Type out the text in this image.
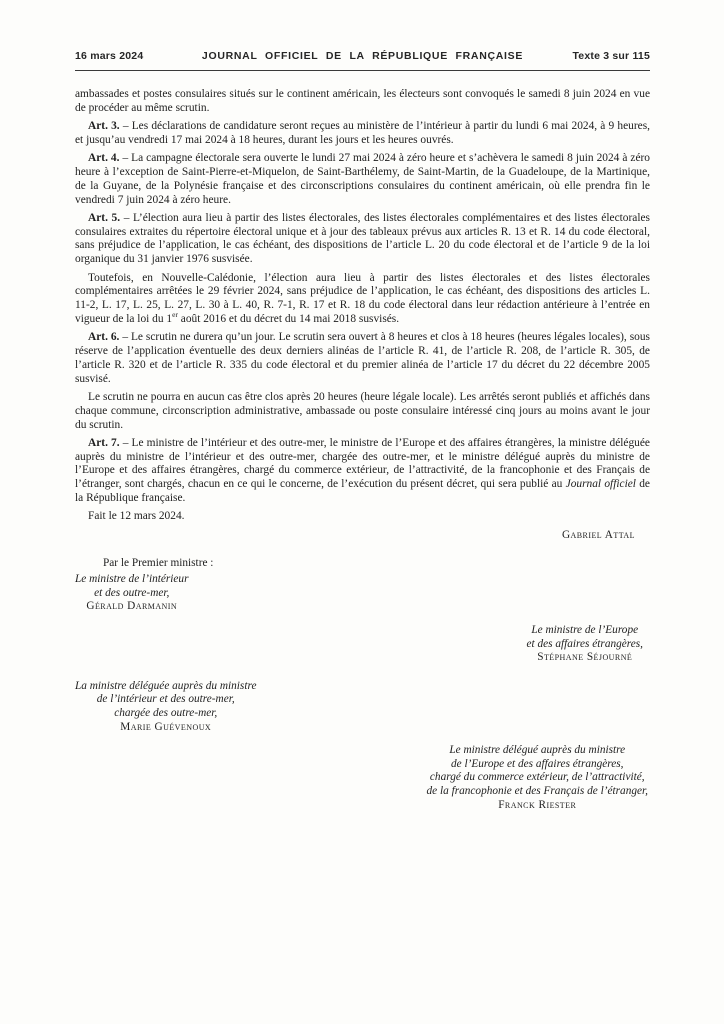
16 mars 2024	JOURNAL OFFICIEL DE LA RÉPUBLIQUE FRANÇAISE	Texte 3 sur 115

ambassades et postes consulaires situés sur le continent américain, les électeurs sont convoqués le samedi 8 juin 2024 en vue de procéder au même scrutin.

Art. 3. – Les déclarations de candidature seront reçues au ministère de l’intérieur à partir du lundi 6 mai 2024, à 9 heures, et jusqu’au vendredi 17 mai 2024 à 18 heures, durant les jours et les heures ouvrés.

Art. 4. – La campagne électorale sera ouverte le lundi 27 mai 2024 à zéro heure et s’achèvera le samedi 8 juin 2024 à zéro heure à l’exception de Saint-Pierre-et-Miquelon, de Saint-Barthélemy, de Saint-Martin, de la Guadeloupe, de la Martinique, de la Guyane, de la Polynésie française et des circonscriptions consulaires du continent américain, où elle prendra fin le vendredi 7 juin 2024 à zéro heure.

Art. 5. – L’élection aura lieu à partir des listes électorales, des listes électorales complémentaires et des listes électorales consulaires extraites du répertoire électoral unique et à jour des tableaux prévus aux articles R. 13 et R. 14 du code électoral, sans préjudice de l’application, le cas échéant, des dispositions de l’article L. 20 du code électoral et de l’article 9 de la loi organique du 31 janvier 1976 susvisée.

Toutefois, en Nouvelle-Calédonie, l’élection aura lieu à partir des listes électorales et des listes électorales complémentaires arrêtées le 29 février 2024, sans préjudice de l’application, le cas échéant, des dispositions des articles L. 11-2, L. 17, L. 25, L. 27, L. 30 à L. 40, R. 7-1, R. 17 et R. 18 du code électoral dans leur rédaction antérieure à l’entrée en vigueur de la loi du 1er août 2016 et du décret du 14 mai 2018 susvisés.

Art. 6. – Le scrutin ne durera qu’un jour. Le scrutin sera ouvert à 8 heures et clos à 18 heures (heures légales locales), sous réserve de l’application éventuelle des deux derniers alinéas de l’article R. 41, de l’article R. 208, de l’article R. 305, de l’article R. 320 et de l’article R. 335 du code électoral et du premier alinéa de l’article 17 du décret du 22 décembre 2005 susvisé.

Le scrutin ne pourra en aucun cas être clos après 20 heures (heure légale locale). Les arrêtés seront publiés et affichés dans chaque commune, circonscription administrative, ambassade ou poste consulaire intéressé cinq jours au moins avant le jour du scrutin.

Art. 7. – Le ministre de l’intérieur et des outre-mer, le ministre de l’Europe et des affaires étrangères, la ministre déléguée auprès du ministre de l’intérieur et des outre-mer, chargée des outre-mer, et le ministre délégué auprès du ministre de l’Europe et des affaires étrangères, chargé du commerce extérieur, de l’attractivité, de la francophonie et des Français de l’étranger, sont chargés, chacun en ce qui le concerne, de l’exécution du présent décret, qui sera publié au Journal officiel de la République française.

Fait le 12 mars 2024.

Gabriel Attal
Par le Premier ministre :
Le ministre de l’intérieur
et des outre-mer,
Gérald Darmanin
Le ministre de l’Europe
et des affaires étrangères,
Stéphane Séjourné
La ministre déléguée auprès du ministre
de l’intérieur et des outre-mer,
chargée des outre-mer,
Marie Guévenoux
Le ministre délégué auprès du ministre
de l’Europe et des affaires étrangères,
chargé du commerce extérieur, de l’attractivité,
de la francophonie et des Français de l’étranger,
Franck Riester
